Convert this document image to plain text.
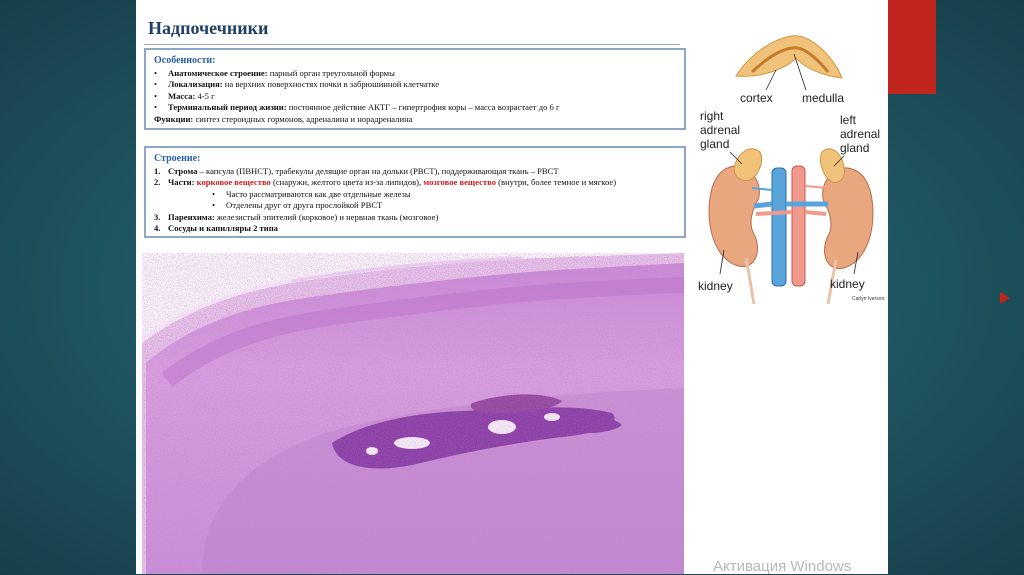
Надпочечники
Особенности:
• Анатомическое строение: парный орган треугольной формы
• Локализация: на верхних поверхностях почки в забрюшинной клетчатке
• Масса: 4-5 г
• Терминальный период жизни: постоянное действие АКТГ – гипертрофия коры – масса возрастает до 6 г
Функции: синтез стероидных гормонов, адреналина и норадреналина
Строение:
1. Строма – капсула (ПВНСТ), трабекулы делящие орган на дольки (РВСТ), поддерживающая ткань – РВСТ
2. Части: корковое вещество (снаружи, желтого цвета из-за липидов), мозговое вещество (внутри, более темное и мягкое)
• Часто рассматриваются как две отдельные железы
• Отделены друг от друга прослойкой РВСТ
3. Паренхима: железистый эпителий (корковое) и нервная ткань (мозговое)
4. Сосуды и капилляры 2 типа
cortex medulla
right
adrenal
gland
left
adrenal
gland
kidney	kidney
Carlyn Iverson
Активация Windows
